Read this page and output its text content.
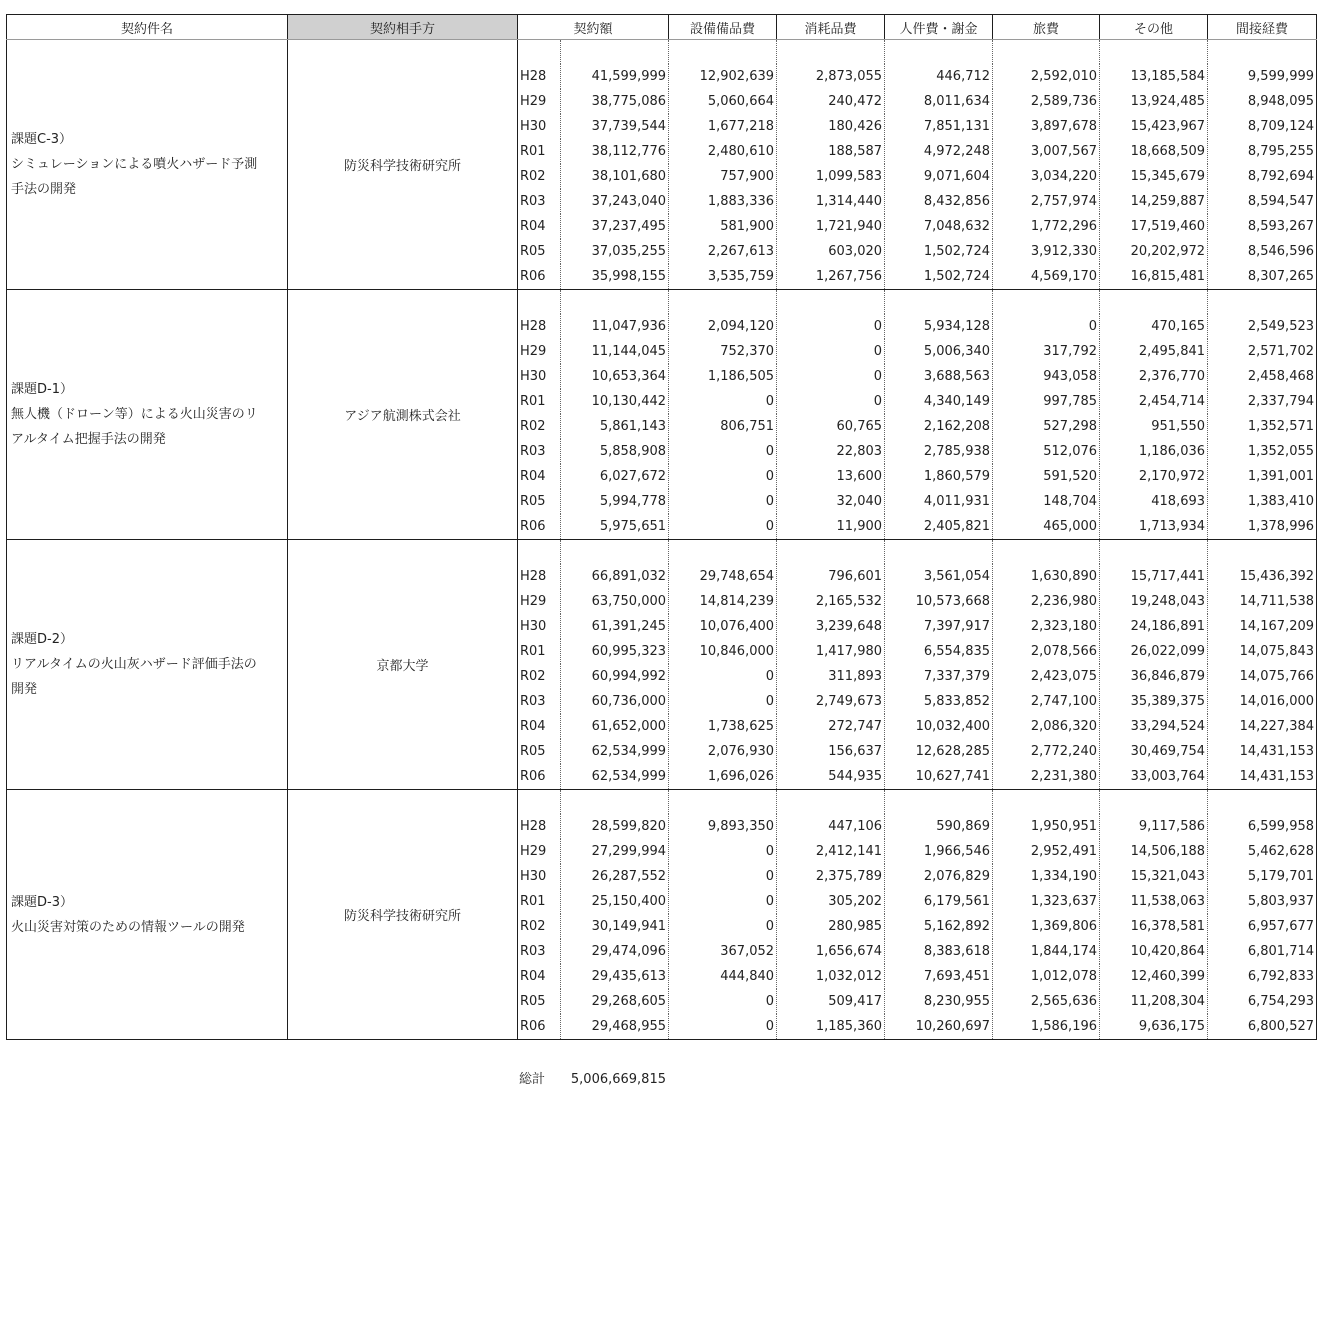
契約件名	契約相手方	契約額		設備備品費	消耗品費	人件費・謝金	旅費	その他	間接経費

課題C-3）
シミュレーションによる噴火ハザード予測
手法の開発	防災科学技術研究所								
		H28	41,599,999	12,902,639	2,873,055	446,712	2,592,010	13,185,584	9,599,999
		H29	38,775,086	5,060,664	240,472	8,011,634	2,589,736	13,924,485	8,948,095
		H30	37,739,544	1,677,218	180,426	7,851,131	3,897,678	15,423,967	8,709,124
		R01	38,112,776	2,480,610	188,587	4,972,248	3,007,567	18,668,509	8,795,255
		R02	38,101,680	757,900	1,099,583	9,071,604	3,034,220	15,345,679	8,792,694
		R03	37,243,040	1,883,336	1,314,440	8,432,856	2,757,974	14,259,887	8,594,547
		R04	37,237,495	581,900	1,721,940	7,048,632	1,772,296	17,519,460	8,593,267
		R05	37,035,255	2,267,613	603,020	1,502,724	3,912,330	20,202,972	8,546,596
		R06	35,998,155	3,535,759	1,267,756	1,502,724	4,569,170	16,815,481	8,307,265

課題D-1）
無人機（ドローン等）による火山災害のリ
アルタイム把握手法の開発	アジア航測株式会社								
		H28	11,047,936	2,094,120	0	5,934,128	0	470,165	2,549,523
		H29	11,144,045	752,370	0	5,006,340	317,792	2,495,841	2,571,702
		H30	10,653,364	1,186,505	0	3,688,563	943,058	2,376,770	2,458,468
		R01	10,130,442	0	0	4,340,149	997,785	2,454,714	2,337,794
		R02	5,861,143	806,751	60,765	2,162,208	527,298	951,550	1,352,571
		R03	5,858,908	0	22,803	2,785,938	512,076	1,186,036	1,352,055
		R04	6,027,672	0	13,600	1,860,579	591,520	2,170,972	1,391,001
		R05	5,994,778	0	32,040	4,011,931	148,704	418,693	1,383,410
		R06	5,975,651	0	11,900	2,405,821	465,000	1,713,934	1,378,996

課題D-2）
リアルタイムの火山灰ハザード評価手法の
開発	京都大学								
		H28	66,891,032	29,748,654	796,601	3,561,054	1,630,890	15,717,441	15,436,392
		H29	63,750,000	14,814,239	2,165,532	10,573,668	2,236,980	19,248,043	14,711,538
		H30	61,391,245	10,076,400	3,239,648	7,397,917	2,323,180	24,186,891	14,167,209
		R01	60,995,323	10,846,000	1,417,980	6,554,835	2,078,566	26,022,099	14,075,843
		R02	60,994,992	0	311,893	7,337,379	2,423,075	36,846,879	14,075,766
		R03	60,736,000	0	2,749,673	5,833,852	2,747,100	35,389,375	14,016,000
		R04	61,652,000	1,738,625	272,747	10,032,400	2,086,320	33,294,524	14,227,384
		R05	62,534,999	2,076,930	156,637	12,628,285	2,772,240	30,469,754	14,431,153
		R06	62,534,999	1,696,026	544,935	10,627,741	2,231,380	33,003,764	14,431,153

課題D-3）
火山災害対策のための情報ツールの開発	防災科学技術研究所								
		H28	28,599,820	9,893,350	447,106	590,869	1,950,951	9,117,586	6,599,958
		H29	27,299,994	0	2,412,141	1,966,546	2,952,491	14,506,188	5,462,628
		H30	26,287,552	0	2,375,789	2,076,829	1,334,190	15,321,043	5,179,701
		R01	25,150,400	0	305,202	6,179,561	1,323,637	11,538,063	5,803,937
		R02	30,149,941	0	280,985	5,162,892	1,369,806	16,378,581	6,957,677
		R03	29,474,096	367,052	1,656,674	8,383,618	1,844,174	10,420,864	6,801,714
		R04	29,435,613	444,840	1,032,012	7,693,451	1,012,078	12,460,399	6,792,833
		R05	29,268,605	0	509,417	8,230,955	2,565,636	11,208,304	6,754,293
		R06	29,468,955	0	1,185,360	10,260,697	1,586,196	9,636,175	6,800,527
総計 5,006,669,815
